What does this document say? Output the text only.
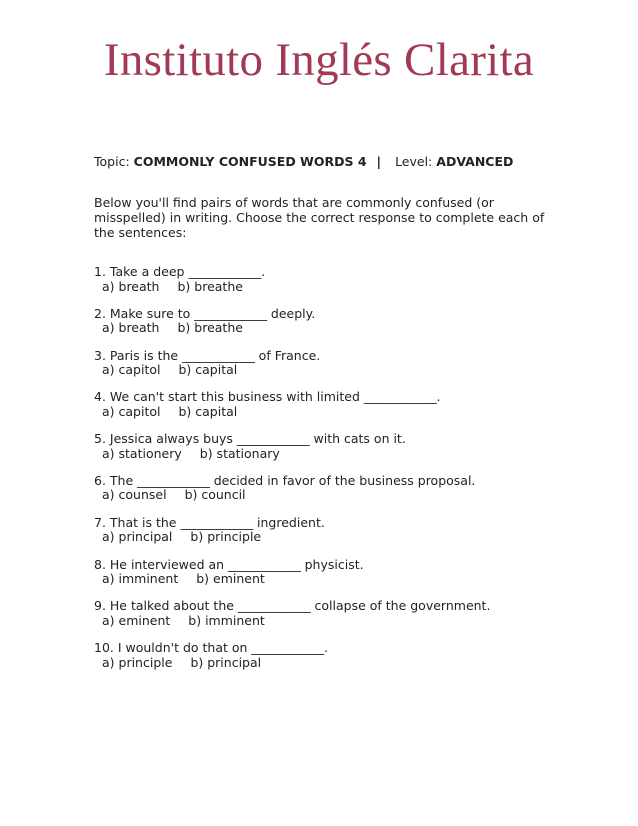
Instituto Inglés Clarita
Topic: COMMONLY CONFUSED WORDS 4 | Level: ADVANCED
Below you'll find pairs of words that are commonly confused (or misspelled) in writing. Choose the correct response to complete each of the sentences:
1. Take a deep ____________.
a) breath b) breathe
2. Make sure to ____________ deeply.
a) breath b) breathe
3. Paris is the ____________ of France.
a) capitol b) capital
4. We can't start this business with limited ____________.
a) capitol b) capital
5. Jessica always buys ____________ with cats on it.
a) stationery b) stationary
6. The ____________ decided in favor of the business proposal.
a) counsel b) council
7. That is the ____________ ingredient.
a) principal b) principle
8. He interviewed an ____________ physicist.
a) imminent b) eminent
9. He talked about the ____________ collapse of the government.
a) eminent b) imminent
10. I wouldn't do that on ____________.
a) principle b) principal
